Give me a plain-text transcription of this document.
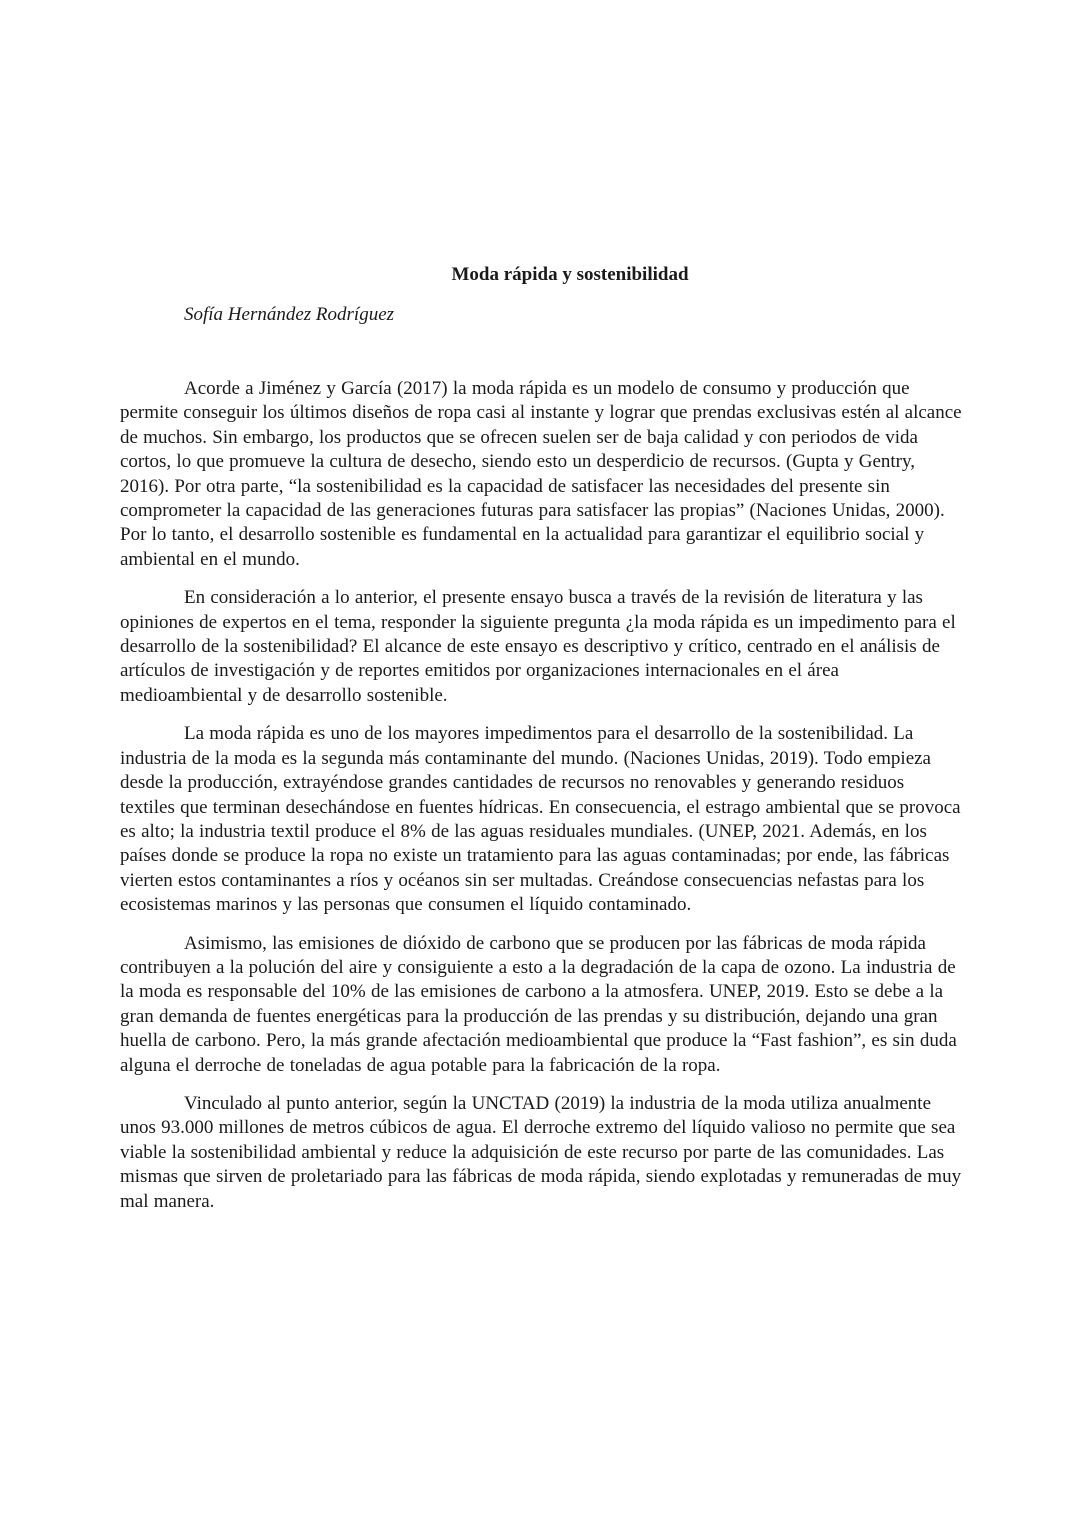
Moda rápida y sostenibilidad

Sofía Hernández Rodríguez

Acorde a Jiménez y García (2017) la moda rápida es un modelo de consumo y producción que permite conseguir los últimos diseños de ropa casi al instante y lograr que prendas exclusivas estén al alcance de muchos. Sin embargo, los productos que se ofrecen suelen ser de baja calidad y con periodos de vida cortos, lo que promueve la cultura de desecho, siendo esto un desperdicio de recursos. (Gupta y Gentry, 2016). Por otra parte, “la sostenibilidad es la capacidad de satisfacer las necesidades del presente sin comprometer la capacidad de las generaciones futuras para satisfacer las propias” (Naciones Unidas, 2000). Por lo tanto, el desarrollo sostenible es fundamental en la actualidad para garantizar el equilibrio social y ambiental en el mundo.

En consideración a lo anterior, el presente ensayo busca a través de la revisión de literatura y las opiniones de expertos en el tema, responder la siguiente pregunta ¿la moda rápida es un impedimento para el desarrollo de la sostenibilidad? El alcance de este ensayo es descriptivo y crítico, centrado en el análisis de artículos de investigación y de reportes emitidos por organizaciones internacionales en el área medioambiental y de desarrollo sostenible.

La moda rápida es uno de los mayores impedimentos para el desarrollo de la sostenibilidad. La industria de la moda es la segunda más contaminante del mundo. (Naciones Unidas, 2019). Todo empieza desde la producción, extrayéndose grandes cantidades de recursos no renovables y generando residuos textiles que terminan desechándose en fuentes hídricas. En consecuencia, el estrago ambiental que se provoca es alto; la industria textil produce el 8% de las aguas residuales mundiales. (UNEP, 2021. Además, en los países donde se produce la ropa no existe un tratamiento para las aguas contaminadas; por ende, las fábricas vierten estos contaminantes a ríos y océanos sin ser multadas. Creándose consecuencias nefastas para los ecosistemas marinos y las personas que consumen el líquido contaminado.

Asimismo, las emisiones de dióxido de carbono que se producen por las fábricas de moda rápida contribuyen a la polución del aire y consiguiente a esto a la degradación de la capa de ozono. La industria de la moda es responsable del 10% de las emisiones de carbono a la atmosfera. UNEP, 2019. Esto se debe a la gran demanda de fuentes energéticas para la producción de las prendas y su distribución, dejando una gran huella de carbono. Pero, la más grande afectación medioambiental que produce la “Fast fashion”, es sin duda alguna el derroche de toneladas de agua potable para la fabricación de la ropa.

Vinculado al punto anterior, según la UNCTAD (2019) la industria de la moda utiliza anualmente unos 93.000 millones de metros cúbicos de agua. El derroche extremo del líquido valioso no permite que sea viable la sostenibilidad ambiental y reduce la adquisición de este recurso por parte de las comunidades. Las mismas que sirven de proletariado para las fábricas de moda rápida, siendo explotadas y remuneradas de muy mal manera.
